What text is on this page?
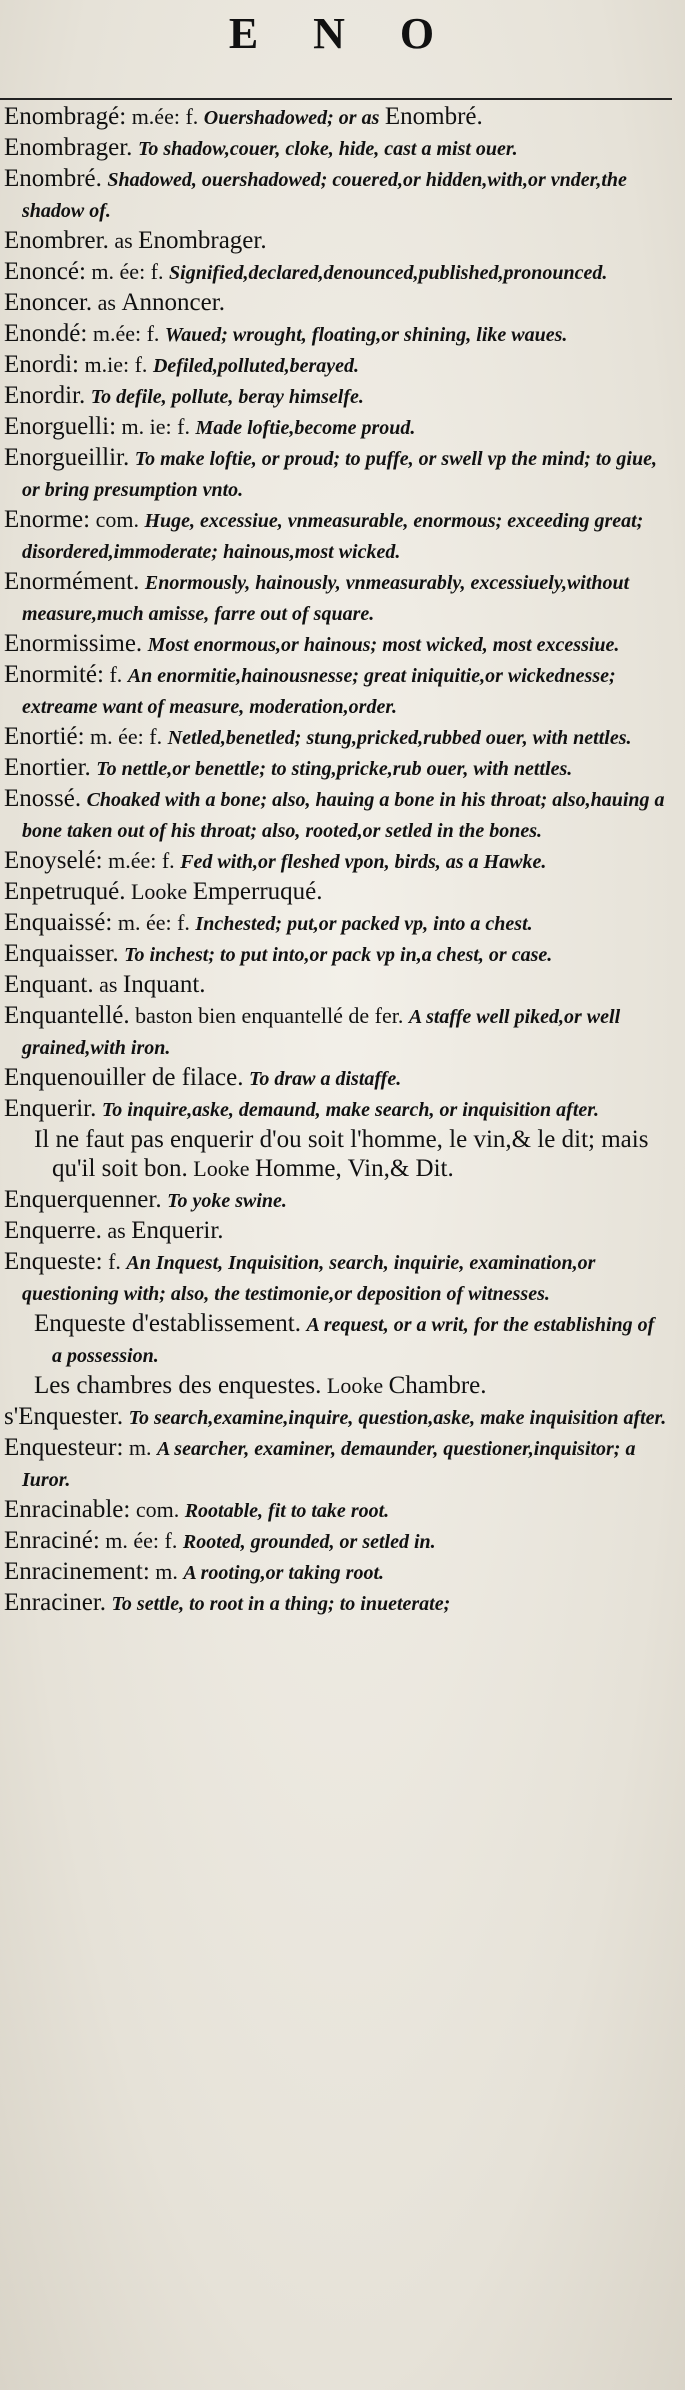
E N O

Enombragé: m.ée: f. Ouershadowed; or as Enombré.

Enombrager. To shadow,couer, cloke, hide, cast a mist ouer.

Enombré. Shadowed, ouershadowed; couered,or hidden,with,or vnder,the shadow of.

Enombrer. as Enombrager.

Enoncé: m. ée: f. Signified,declared,denounced,published,pronounced.

Enoncer. as Annoncer.

Enondé: m.ée: f. Waued; wrought, floating,or shining, like waues.

Enordi: m.ie: f. Defiled,polluted,berayed.

Enordir. To defile, pollute, beray himselfe.

Enorguelli: m. ie: f. Made loftie,become proud.

Enorgueillir. To make loftie, or proud; to puffe, or swell vp the mind; to giue, or bring presumption vnto.

Enorme: com. Huge, excessiue, vnmeasurable, enormous; exceeding great; disordered,immoderate; hainous,most wicked.

Enormément. Enormously, hainously, vnmeasurably, excessiuely,without measure,much amisse, farre out of square.

Enormissime. Most enormous,or hainous; most wicked, most excessiue.

Enormité: f. An enormitie,hainousnesse; great iniquitie,or wickednesse; extreame want of measure, moderation,order.

Enortié: m. ée: f. Netled,benetled; stung,pricked,rubbed ouer, with nettles.

Enortier. To nettle,or benettle; to sting,pricke,rub ouer, with nettles.

Enossé. Choaked with a bone; also, hauing a bone in his throat; also,hauing a bone taken out of his throat; also, rooted,or setled in the bones.

Enoyselé: m.ée: f. Fed with,or fleshed vpon, birds, as a Hawke.

Enpetruqué. Looke Emperruqué.

Enquaissé: m. ée: f. Inchested; put,or packed vp, into a chest.

Enquaisser. To inchest; to put into,or pack vp in,a chest, or case.

Enquant. as Inquant.

Enquantellé. baston bien enquantellé de fer. A staffe well piked,or well grained,with iron.

Enquenouiller de filace. To draw a distaffe.

Enquerir. To inquire,aske, demaund, make search, or inquisition after.

Il ne faut pas enquerir d'ou soit l'homme, le vin,& le dit; mais qu'il soit bon. Looke Homme, Vin,& Dit.

Enquerquenner. To yoke swine.

Enquerre. as Enquerir.

Enqueste: f. An Inquest, Inquisition, search, inquirie, examination,or questioning with; also, the testimonie,or deposition of witnesses.

Enqueste d'establissement. A request, or a writ, for the establishing of a possession.

Les chambres des enquestes. Looke Chambre.

s'Enquester. To search,examine,inquire, question,aske, make inquisition after.

Enquesteur: m. A searcher, examiner, demaunder, questioner,inquisitor; a Iuror.

Enracinable: com. Rootable, fit to take root.

Enraciné: m. ée: f. Rooted, grounded, or setled in.

Enracinement: m. A rooting,or taking root.

Enraciner. To settle, to root in a thing; to inueterate;
